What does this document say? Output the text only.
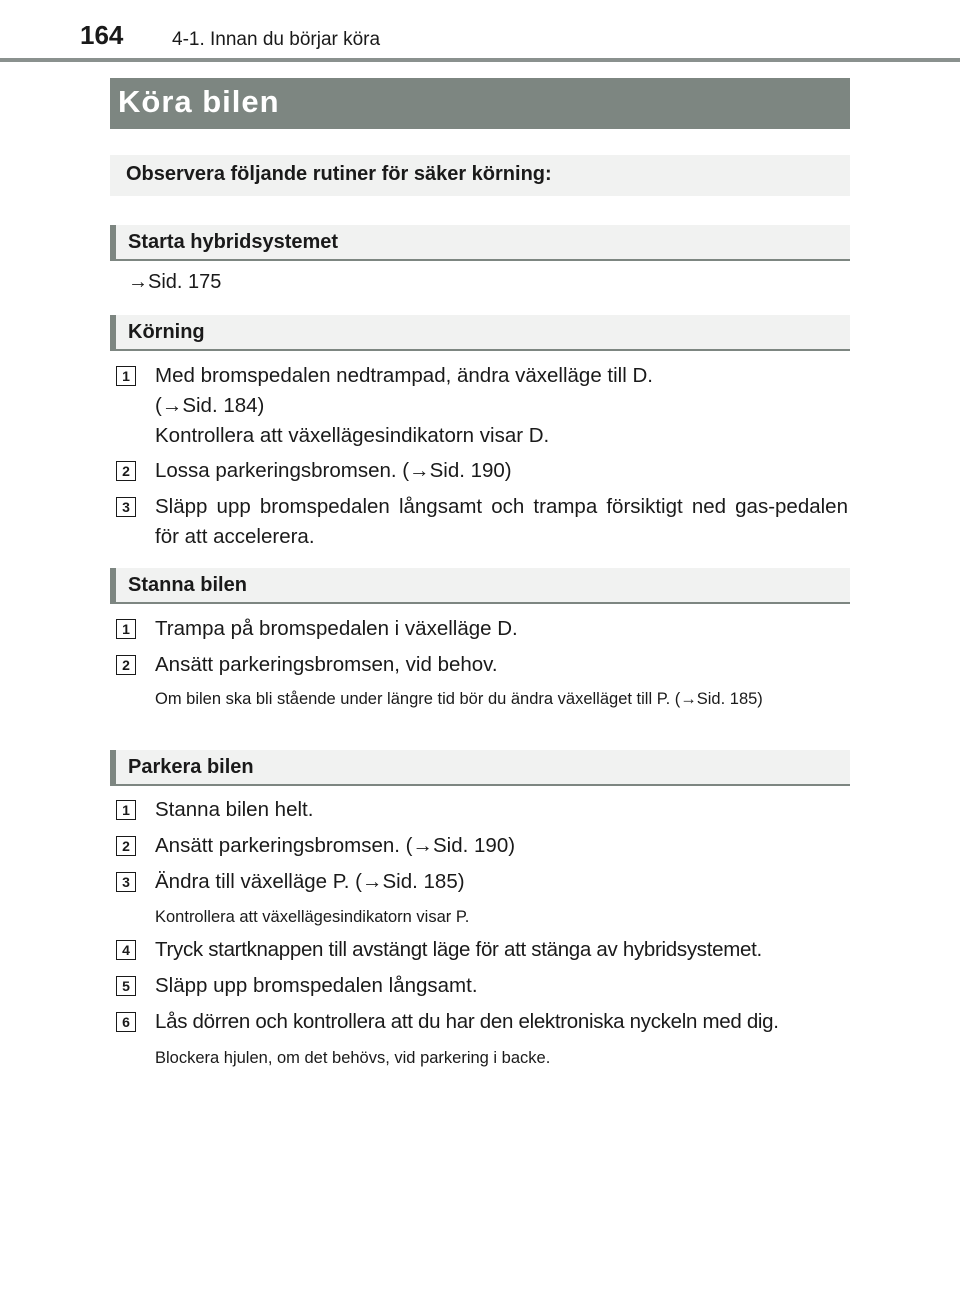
164	4-1. Innan du börjar köra
Köra bilen
Observera följande rutiner för säker körning:
Starta hybridsystemet
→Sid. 175
Körning
1 Med bromspedalen nedtrampad, ändra växelläge till D.
(→Sid. 184)
Kontrollera att växellägesindikatorn visar D.
2 Lossa parkeringsbromsen. (→Sid. 190)
3 Släpp upp bromspedalen långsamt och trampa försiktigt ned gas-pedalen för att accelerera.
Stanna bilen
1 Trampa på bromspedalen i växelläge D.
2 Ansätt parkeringsbromsen, vid behov.
Om bilen ska bli stående under längre tid bör du ändra växelläget till P. (→Sid. 185)
Parkera bilen
1 Stanna bilen helt.
2 Ansätt parkeringsbromsen. (→Sid. 190)
3 Ändra till växelläge P. (→Sid. 185)
Kontrollera att växellägesindikatorn visar P.
4 Tryck startknappen till avstängt läge för att stänga av hybridsystemet.
5 Släpp upp bromspedalen långsamt.
6 Lås dörren och kontrollera att du har den elektroniska nyckeln med dig.
Blockera hjulen, om det behövs, vid parkering i backe.
